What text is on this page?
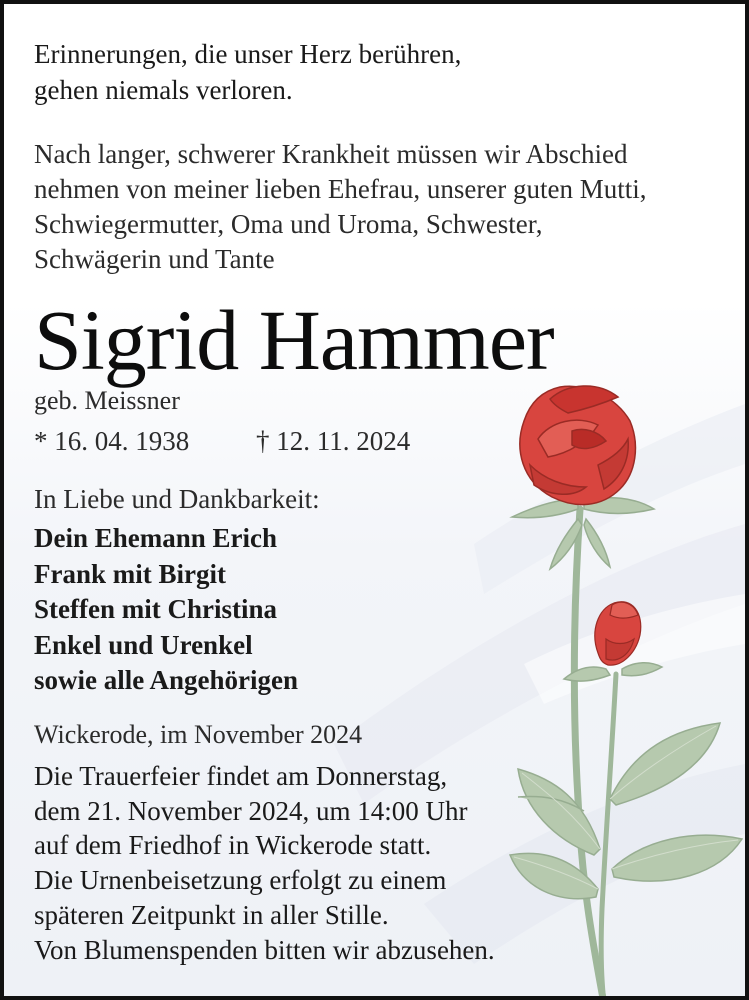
Erinnerungen, die unser Herz berühren,
gehen niemals verloren.
Nach langer, schwerer Krankheit müssen wir Abschied
nehmen von meiner lieben Ehefrau, unserer guten Mutti,
Schwiegermutter, Oma und Uroma, Schwester,
Schwägerin und Tante
Sigrid Hammer
geb. Meissner
* 16. 04. 1938 † 12. 11. 2024
In Liebe und Dankbarkeit:
Dein Ehemann Erich
Frank mit Birgit
Steffen mit Christina
Enkel und Urenkel
sowie alle Angehörigen
Wickerode, im November 2024
Die Trauerfeier findet am Donnerstag,
dem 21. November 2024, um 14:00 Uhr
auf dem Friedhof in Wickerode statt.
Die Urnenbeisetzung erfolgt zu einem
späteren Zeitpunkt in aller Stille.
Von Blumenspenden bitten wir abzusehen.
